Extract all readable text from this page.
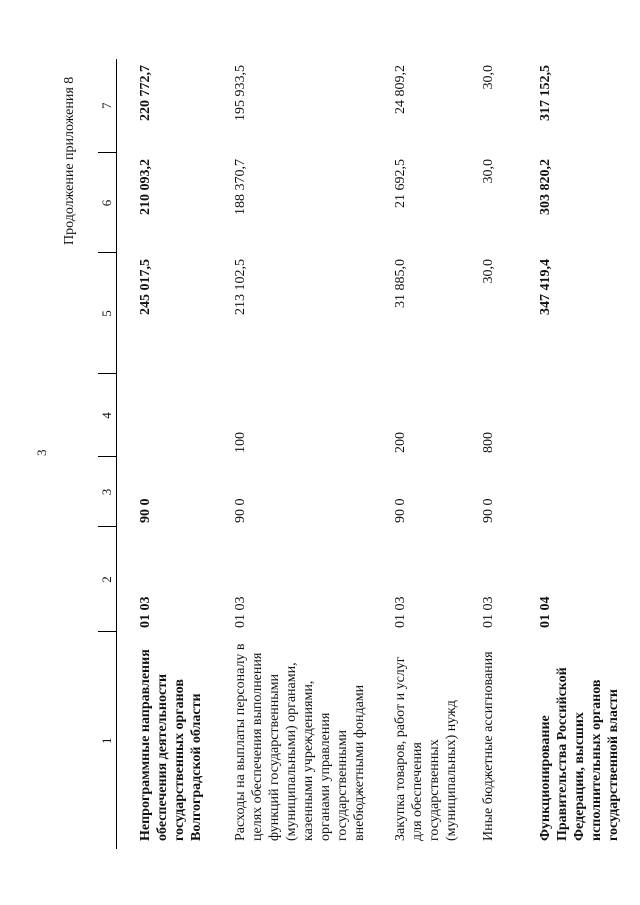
3
Продолжение приложения 8
1	2	3	4	5	6	7
Непрограммные направления обеспечения деятельности государственных органов Волгоградской области	01 03	90 0		245 017,5	210 093,2	220 772,7
Расходы на выплаты персоналу в целях обеспечения выполнения функций государственными (муниципальными) органами, казенными учреждениями, органами управления государственными внебюджетными фондами	01 03	90 0	100	213 102,5	188 370,7	195 933,5
Закупка товаров, работ и услуг для обеспечения государственных (муниципальных) нужд	01 03	90 0	200	31 885,0	21 692,5	24 809,2
Иные бюджетные ассигнования	01 03	90 0	800	30,0	30,0	30,0
Функционирование Правительства Российской Федерации, высших исполнительных органов государственной власти	01 04			347 419,4	303 820,2	317 152,5
